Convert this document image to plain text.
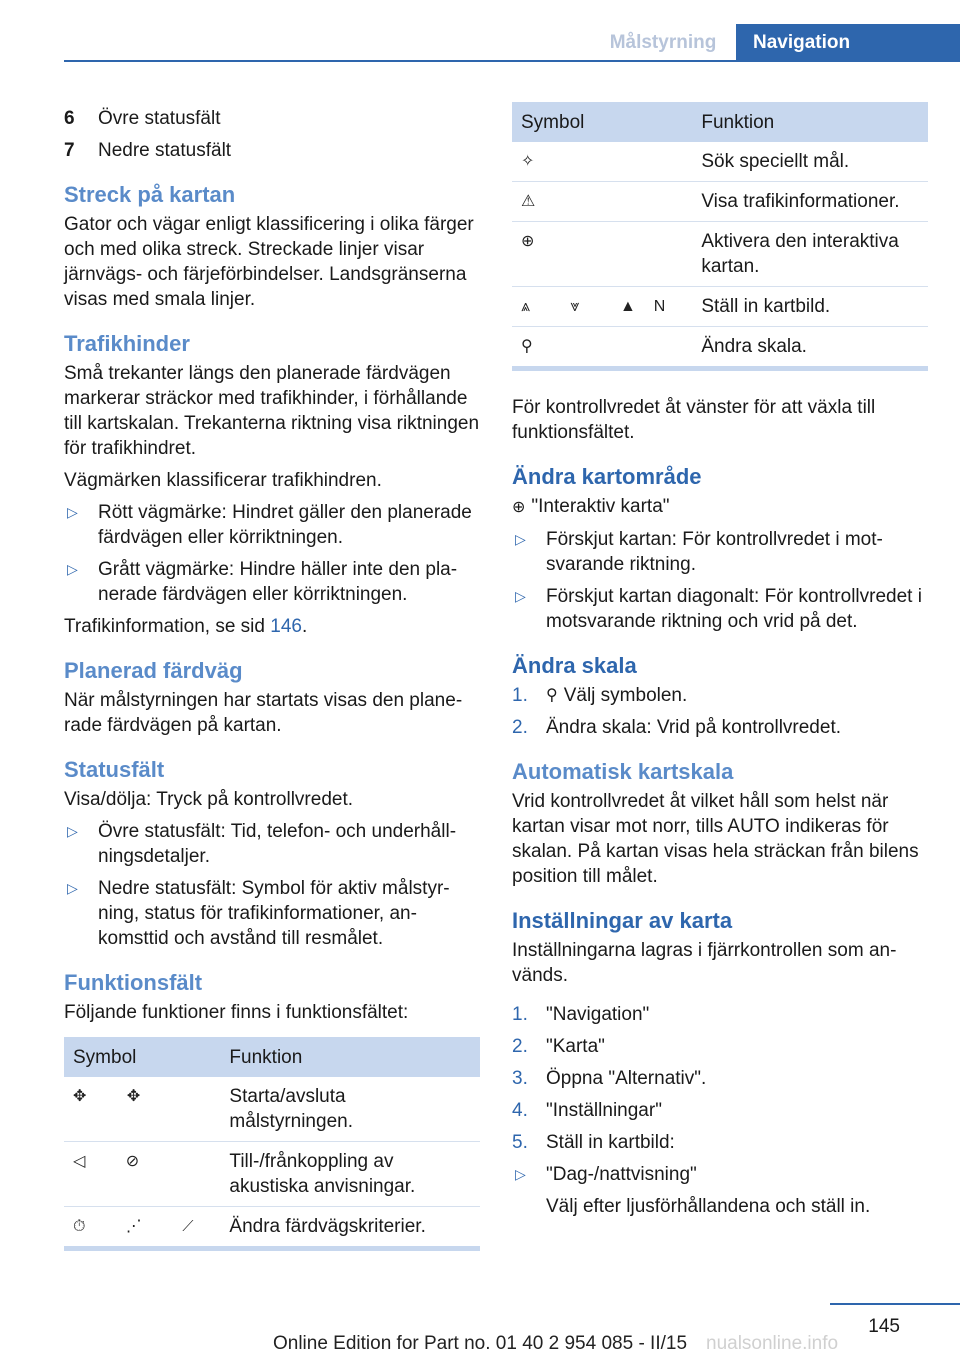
Målstyrning	Navigation
6	Övre statusfält
7	Nedre statusfält
Streck på kartan

Gator och vägar enligt klassificering i olika färger och med olika streck. Streckade linjer visar järnvägs- och färjeförbindelser. Landsgränserna visas med smala linjer.

Trafikhinder

Små trekanter längs den planerade färdvägen markerar sträckor med trafikhinder, i förhållande till kartskalan. Trekanterna riktning visa riktningen för trafikhindret.

Vägmärken klassificerar trafikhindren.

▷	Rött vägmärke: Hindret gäller den planerade färdvägen eller körriktningen.
▷	Grått vägmärke: Hindre häller inte den planerade färdvägen eller körriktningen.

Trafikinformation, se sid 146.

Planerad färdväg

När målstyrningen har startats visas den planerade färdvägen på kartan.

Statusfält

Visa/dölja: Tryck på kontrollvredet.

▷	Övre statusfält: Tid, telefon- och underhållningsdetaljer.
▷	Nedre statusfält: Symbol för aktiv målstyrning, status för trafikinformationer, ankomsttid och avstånd till resmålet.
Funktionsfält

Följande funktioner finns i funktionsfältet:

Symbol	Funktion
✥ ✥	Starta/avsluta målstyrningen.
◁ ⊘	Till-/frånkoppling av akustiska anvisningar.
⏱ ⋰ ⟋	Ändra färdvägskriterier.
Symbol	Funktion
✧	Sök speciellt mål.
⚠	Visa trafikinformationer.
⊕	Aktivera den interaktiva kartan.
⩓ ⩔ ▲N	Ställ in kartbild.
⚲	Ändra skala.

För kontrollvredet åt vänster för att växla till funktionsfältet.

Ändra kartområde

⊕ "Interaktiv karta"

▷	Förskjut kartan: För kontrollvredet i motsvarande riktning.
▷	Förskjut kartan diagonalt: För kontrollvredet i motsvarande riktning och vrid på det.
Ändra skala
1.	⚲ Välj symbolen.
2. Ändra skala: Vrid på kontrollvredet.
Automatisk kartskala

Vrid kontrollvredet åt vilket håll som helst när kartan visar mot norr, tills AUTO indikeras för skalan. På kartan visas hela sträckan från bilens position till målet.

Inställningar av karta

Inställningarna lagras i fjärrkontrollen som används.

1. "Navigation"
2. "Karta"
3. Öppna "Alternativ".
4. "Inställningar"
5. Ställ in kartbild:
▷	"Dag-/nattvisning"
Välj efter ljusförhållandena och ställ in.
145
Online Edition for Part no. 01 40 2 954 085 - II/15 nualsonline.info
